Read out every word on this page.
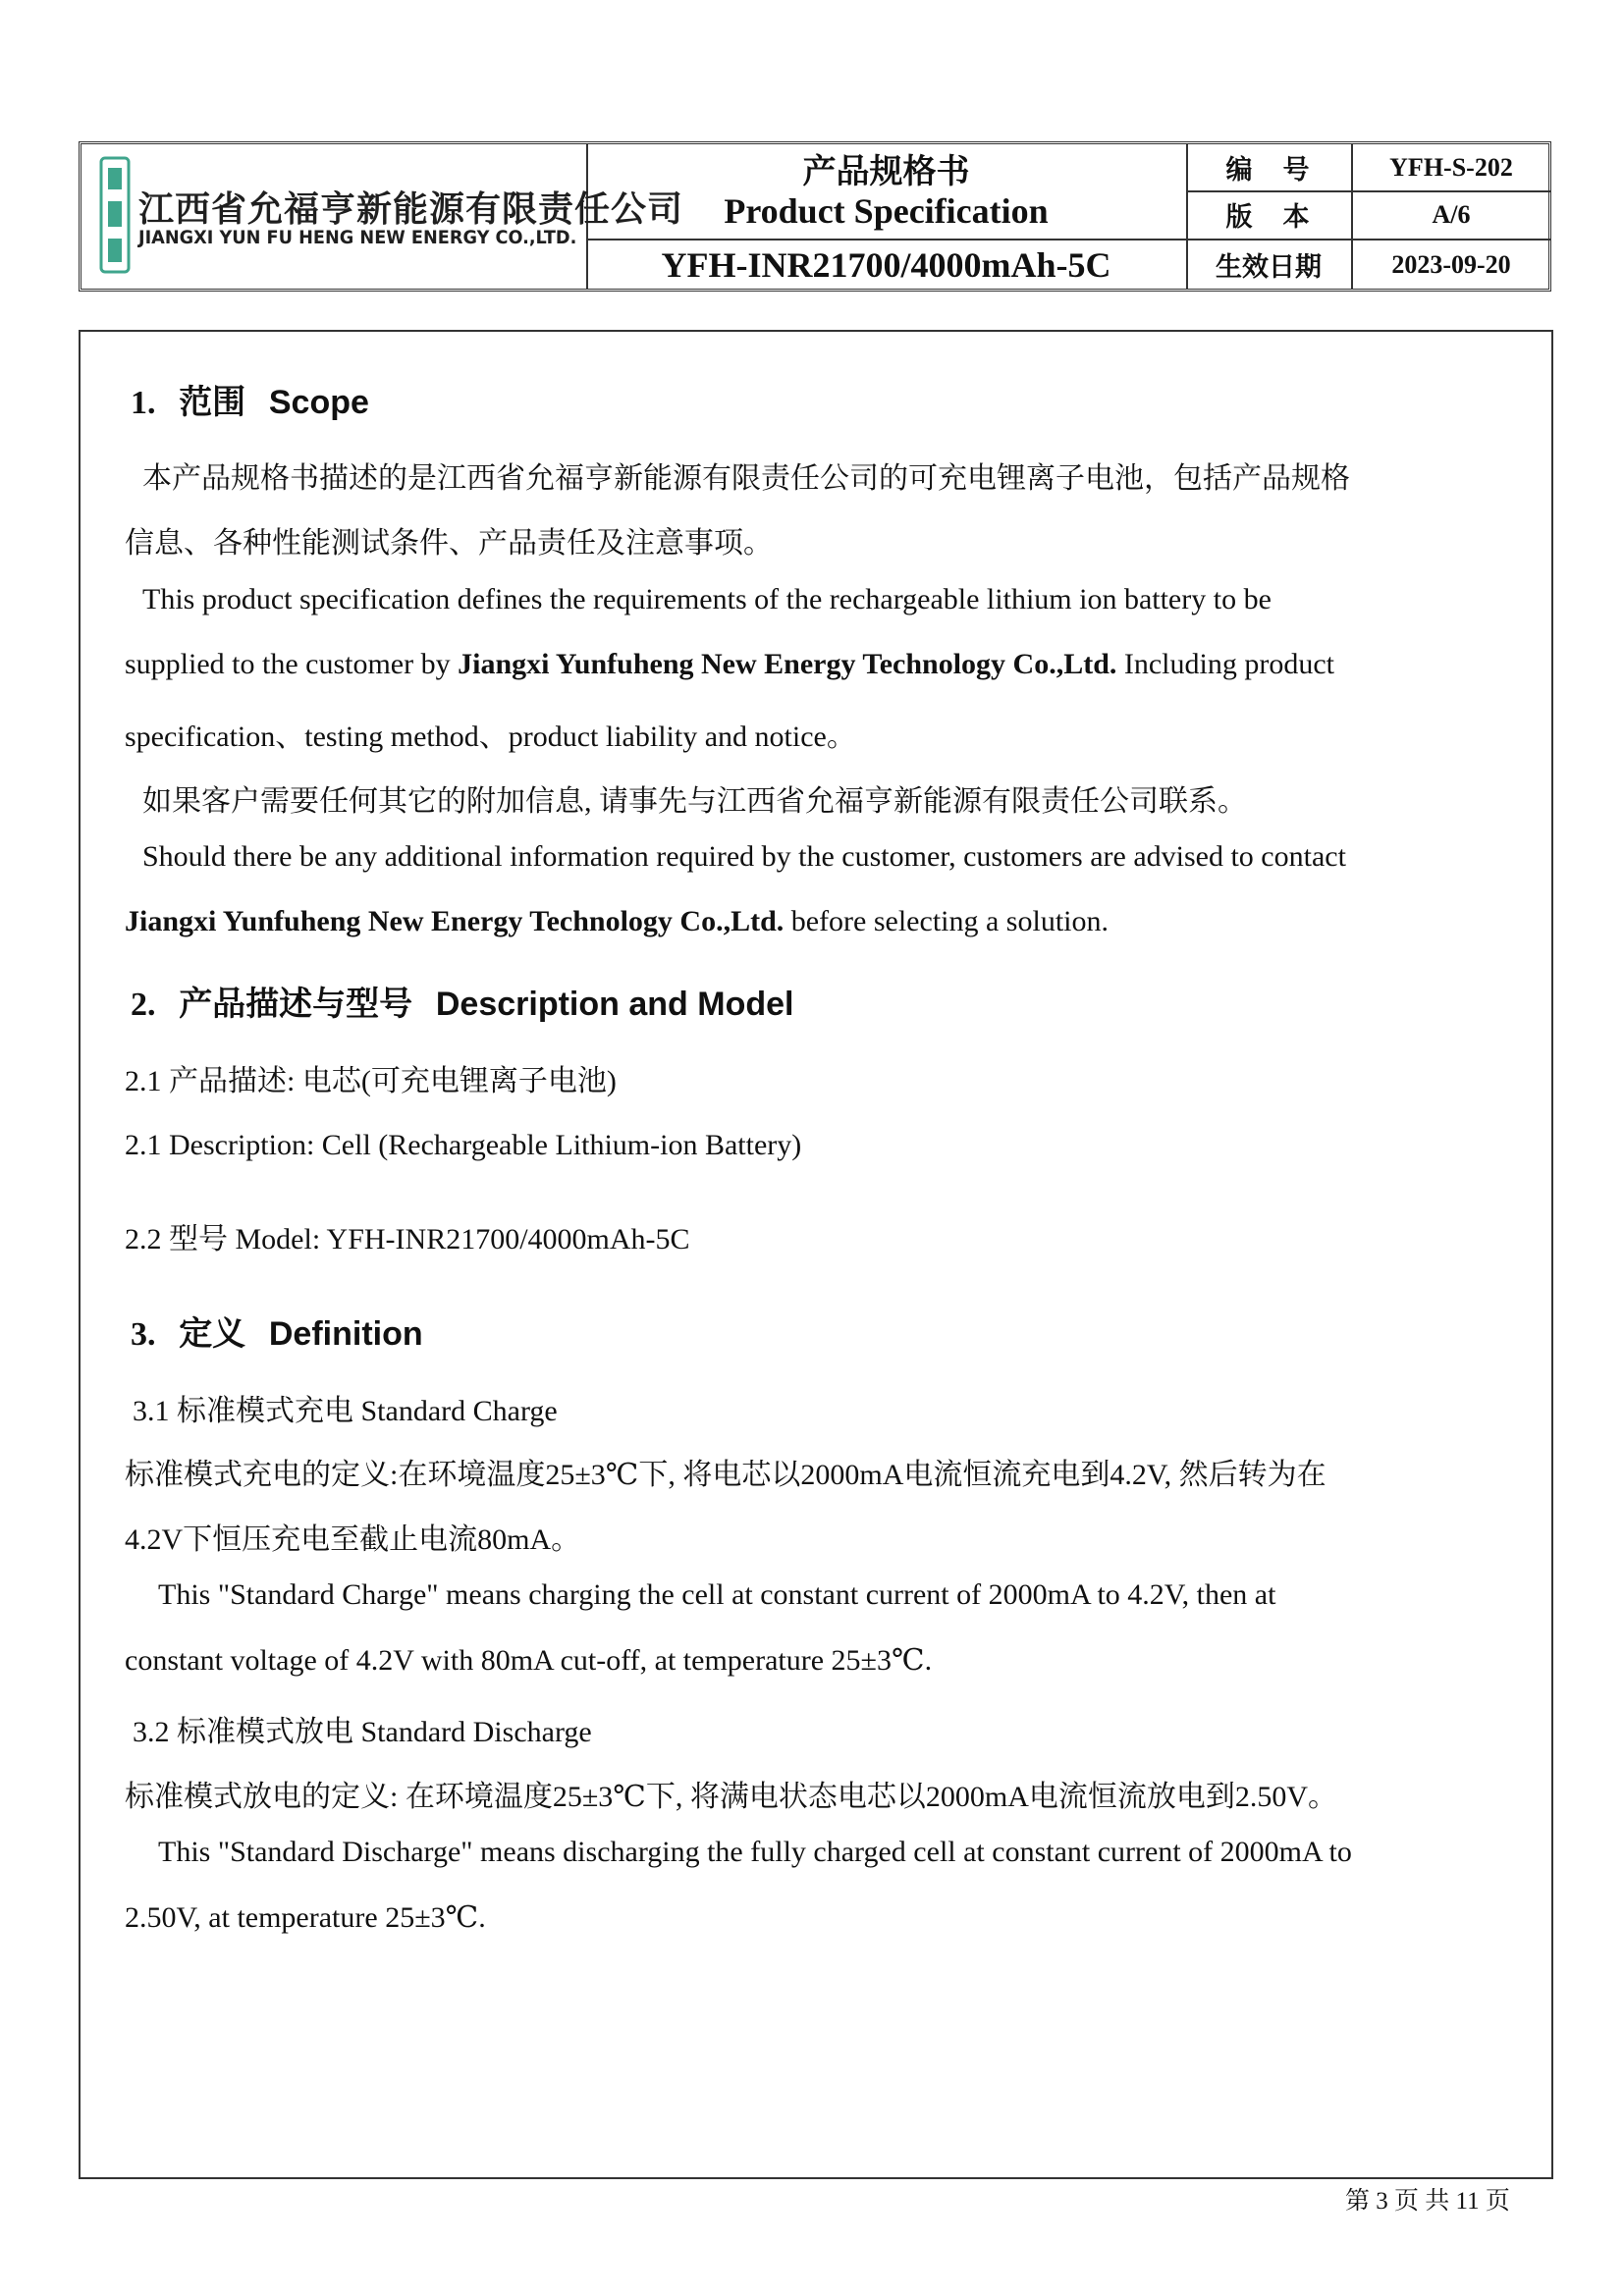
江西省允福亨新能源有限责任公司
JIANGXI YUN FU HENG NEW ENERGY CO.,LTD.
产品规格书
Product Specification
YFH-INR21700/4000mAh-5C
编　号	YFH-S-202
版　本	A/6
生效日期	2023-09-20
1. 范围 Scope
本产品规格书描述的是江西省允福亨新能源有限责任公司的可充电锂离子电池，包括产品规格
信息、各种性能测试条件、产品责任及注意事项。
This product specification defines the requirements of the rechargeable lithium ion battery to be
supplied to the customer by Jiangxi Yunfuheng New Energy Technology Co.,Ltd. Including product
specification、testing method、product liability and notice。
如果客户需要任何其它的附加信息, 请事先与江西省允福亨新能源有限责任公司联系。
Should there be any additional information required by the customer, customers are advised to contact
Jiangxi Yunfuheng New Energy Technology Co.,Ltd. before selecting a solution.
2. 产品描述与型号 Description and Model
2.1 产品描述: 电芯(可充电锂离子电池)
2.1 Description: Cell (Rechargeable Lithium-ion Battery)
2.2 型号 Model: YFH-INR21700/4000mAh-5C
3. 定义 Definition
3.1 标准模式充电 Standard Charge
标准模式充电的定义:在环境温度25±3℃下, 将电芯以2000mA电流恒流充电到4.2V, 然后转为在
4.2V下恒压充电至截止电流80mA。
This "Standard Charge" means charging the cell at constant current of 2000mA to 4.2V, then at
constant voltage of 4.2V with 80mA cut-off, at temperature 25±3℃.
3.2 标准模式放电 Standard Discharge
标准模式放电的定义: 在环境温度25±3℃下, 将满电状态电芯以2000mA电流恒流放电到2.50V。
This "Standard Discharge" means discharging the fully charged cell at constant current of 2000mA to
2.50V, at temperature 25±3℃.
第 3 页 共 11 页
